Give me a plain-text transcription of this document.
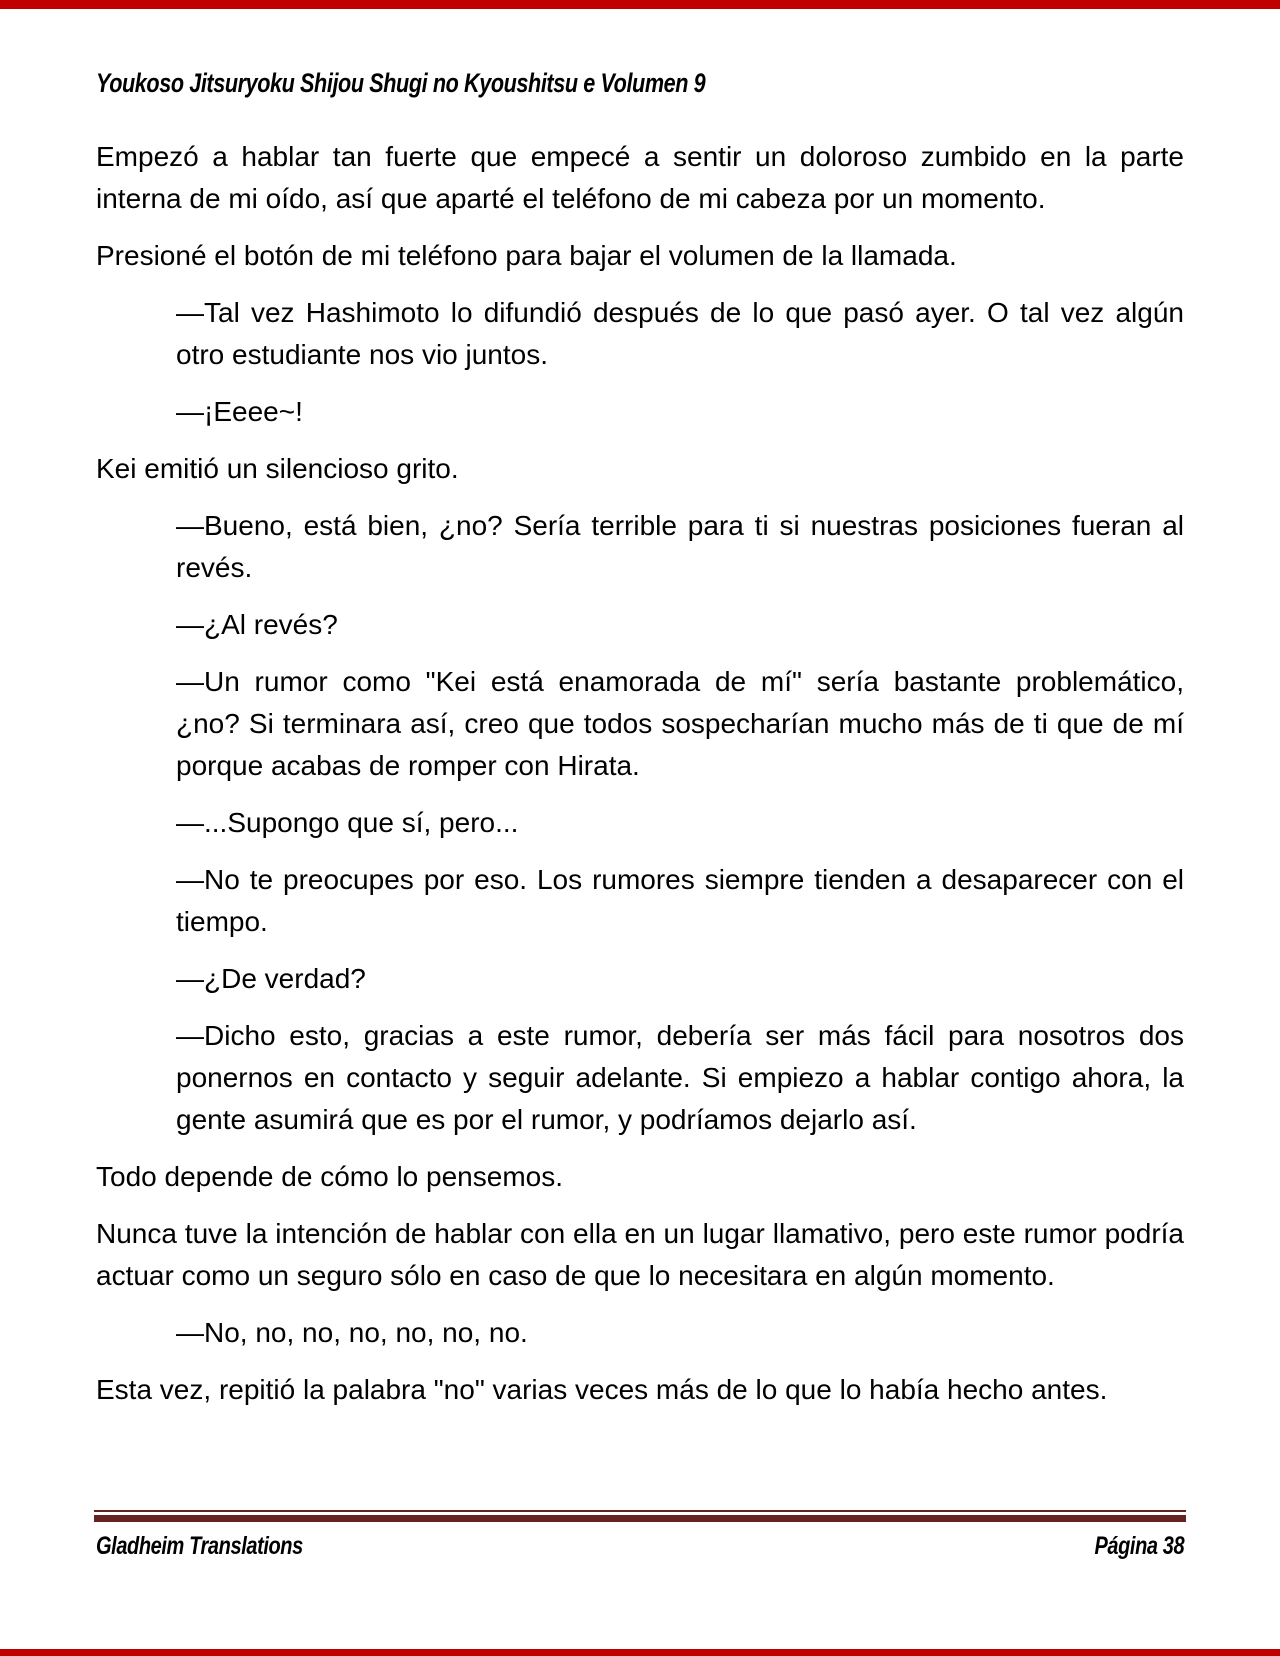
Youkoso Jitsuryoku Shijou Shugi no Kyoushitsu e Volumen 9

Empezó a hablar tan fuerte que empecé a sentir un doloroso zumbido en la parte interna de mi oído, así que aparté el teléfono de mi cabeza por un momento.

Presioné el botón de mi teléfono para bajar el volumen de la llamada.

—Tal vez Hashimoto lo difundió después de lo que pasó ayer. O tal vez algún otro estudiante nos vio juntos.

—¡Eeee~!

Kei emitió un silencioso grito.

—Bueno, está bien, ¿no? Sería terrible para ti si nuestras posiciones fueran al revés.

—¿Al revés?

—Un rumor como "Kei está enamorada de mí" sería bastante problemático, ¿no? Si terminara así, creo que todos sospecharían mucho más de ti que de mí porque acabas de romper con Hirata.

—...Supongo que sí, pero...

—No te preocupes por eso. Los rumores siempre tienden a desaparecer con el tiempo.

—¿De verdad?

—Dicho esto, gracias a este rumor, debería ser más fácil para nosotros dos ponernos en contacto y seguir adelante. Si empiezo a hablar contigo ahora, la gente asumirá que es por el rumor, y podríamos dejarlo así.

Todo depende de cómo lo pensemos.

Nunca tuve la intención de hablar con ella en un lugar llamativo, pero este rumor podría actuar como un seguro sólo en caso de que lo necesitara en algún momento.

—No, no, no, no, no, no, no.

Esta vez, repitió la palabra "no" varias veces más de lo que lo había hecho antes.

Gladheim Translations	Página 38
